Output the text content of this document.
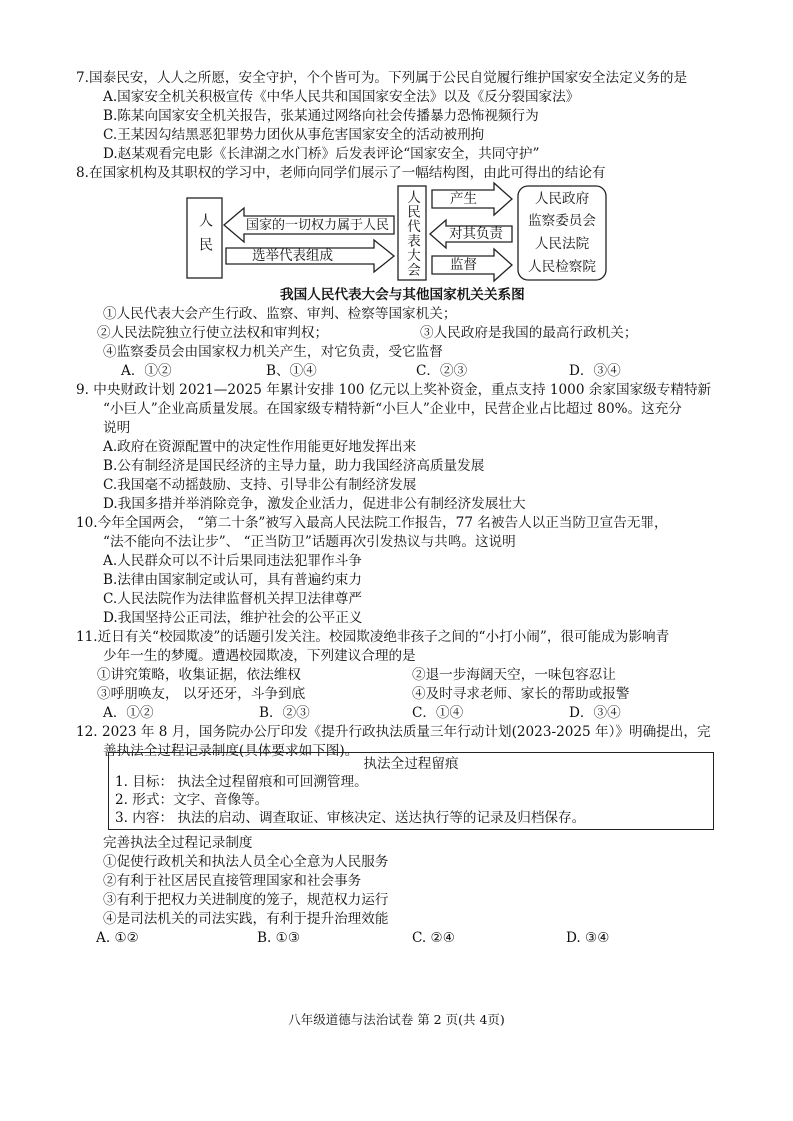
7.国泰民安，人人之所愿，安全守护，个个皆可为。下列属于公民自觉履行维护国家安全法定义务的是
A.国家安全机关积极宣传《中华人民共和国国家安全法》以及《反分裂国家法》
B.陈某向国家安全机关报告，张某通过网络向社会传播暴力恐怖视频行为
C.王某因勾结黑恶犯罪势力团伙从事危害国家安全的活动被刑拘
D.赵某观看完电影《长津湖之水门桥》后发表评论“国家安全，共同守护”
8.在国家机构及其职权的学习中，老师向同学们展示了一幅结构图，由此可得出的结论有
人民	国家的一切权力属于人民
选举代表组成	人民代表大会 产生
对其负责
监督
人民政府
监察委员会
人民法院
人民检察院
我国人民代表大会与其他国家机关关系图
①人民代表大会产生行政、监察、审判、检察等国家机关；
②人民法院独立行使立法权和审判权；	③人民政府是我国的最高行政机关；
④监察委员会由国家权力机关产生，对它负责，受它监督
A．①②	B、①④	C．②③	D．③④
9. 中央财政计划 2021—2025 年累计安排 100 亿元以上奖补资金，重点支持 1000 余家国家级专精特新
“小巨人”企业高质量发展。在国家级专精特新“小巨人”企业中，民营企业占比超过 80%。这充分
说明
A.政府在资源配置中的决定性作用能更好地发挥出来
B.公有制经济是国民经济的主导力量，助力我国经济高质量发展
C.我国毫不动摇鼓励、支持、引导非公有制经济发展
D.我国多措并举消除竞争，激发企业活力，促进非公有制经济发展壮大
10.今年全国两会， “第二十条”被写入最高人民法院工作报告，77 名被告人以正当防卫宣告无罪，
“法不能向不法让步”、 “正当防卫”话题再次引发热议与共鸣。这说明
A.人民群众可以不计后果同违法犯罪作斗争
B.法律由国家制定或认可，具有普遍约束力
C.人民法院作为法律监督机关捍卫法律尊严
D.我国坚持公正司法，维护社会的公平正义
11.近日有关“校园欺凌”的话题引发关注。校园欺凌绝非孩子之间的“小打小闹”，很可能成为影响青
少年一生的梦魇。遭遇校园欺凌，下列建议合理的是
①讲究策略，收集证据，依法维权	②退一步海阔天空，一味包容忍让
③呼朋唤友， 以牙还牙，斗争到底	④及时寻求老师、家长的帮助或报警
A．①②	B．②③	C．①④	D．③④
12. 2023 年 8 月，国务院办公厅印发《提升行政执法质量三年行动计划(2023-2025 年）》明确提出，完
善执法全过程记录制度(具体要求如下图)。
执法全过程留痕
1. 目标： 执法全过程留痕和可回溯管理。
2. 形式：文字、音像等。
3. 内容： 执法的启动、调查取证、审核决定、送达执行等的记录及归档保存。
完善执法全过程记录制度
①促使行政机关和执法人员全心全意为人民服务
②有利于社区居民直接管理国家和社会事务
③有利于把权力关进制度的笼子，规范权力运行
④是司法机关的司法实践，有利于提升治理效能
A. ①②	B. ①③	C. ②④	D. ③④
八年级道德与法治试卷 第 2 页(共 4页)
